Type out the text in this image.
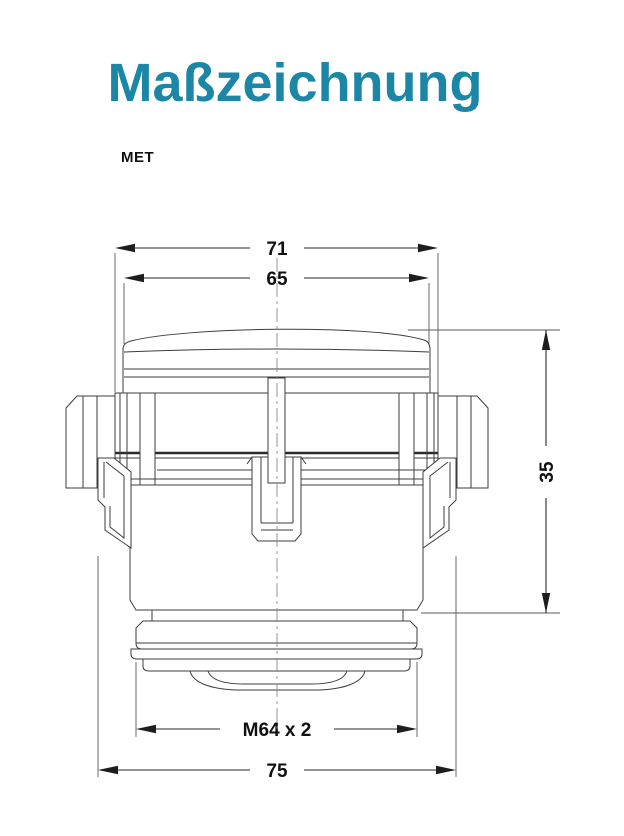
Maßzeichnung
MET
71
65
35
M64 x 2
75
